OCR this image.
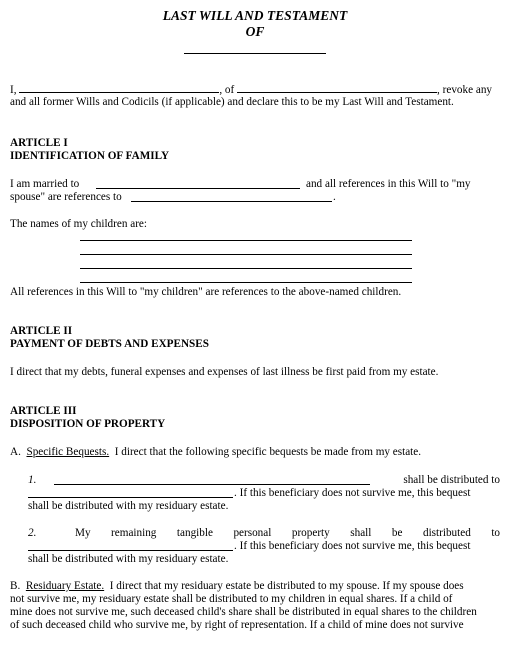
LAST WILL AND TESTAMENT
OF
I,	, of	, revoke any
and all former Wills and Codicils (if applicable) and declare this to be my Last Will and Testament.
ARTICLE I
IDENTIFICATION OF FAMILY
I am married to	and all references in this Will to "my
spouse" are references to	.
The names of my children are:
All references in this Will to "my children" are references to the above-named children.
ARTICLE II
PAYMENT OF DEBTS AND EXPENSES
I direct that my debts, funeral expenses and expenses of last illness be first paid from my estate.
ARTICLE III
DISPOSITION OF PROPERTY
A. Specific Bequests. I direct that the following specific bequests be made from my estate.
1.	shall be distributed to
. If this beneficiary does not survive me, this bequest
shall be distributed with my residuary estate.
2.	My remaining tangible personal property shall be distributed to
. If this beneficiary does not survive me, this bequest
shall be distributed with my residuary estate.
B. Residuary Estate. I direct that my residuary estate be distributed to my spouse. If my spouse does
not survive me, my residuary estate shall be distributed to my children in equal shares. If a child of
mine does not survive me, such deceased child's share shall be distributed in equal shares to the children
of such deceased child who survive me, by right of representation. If a child of mine does not survive
